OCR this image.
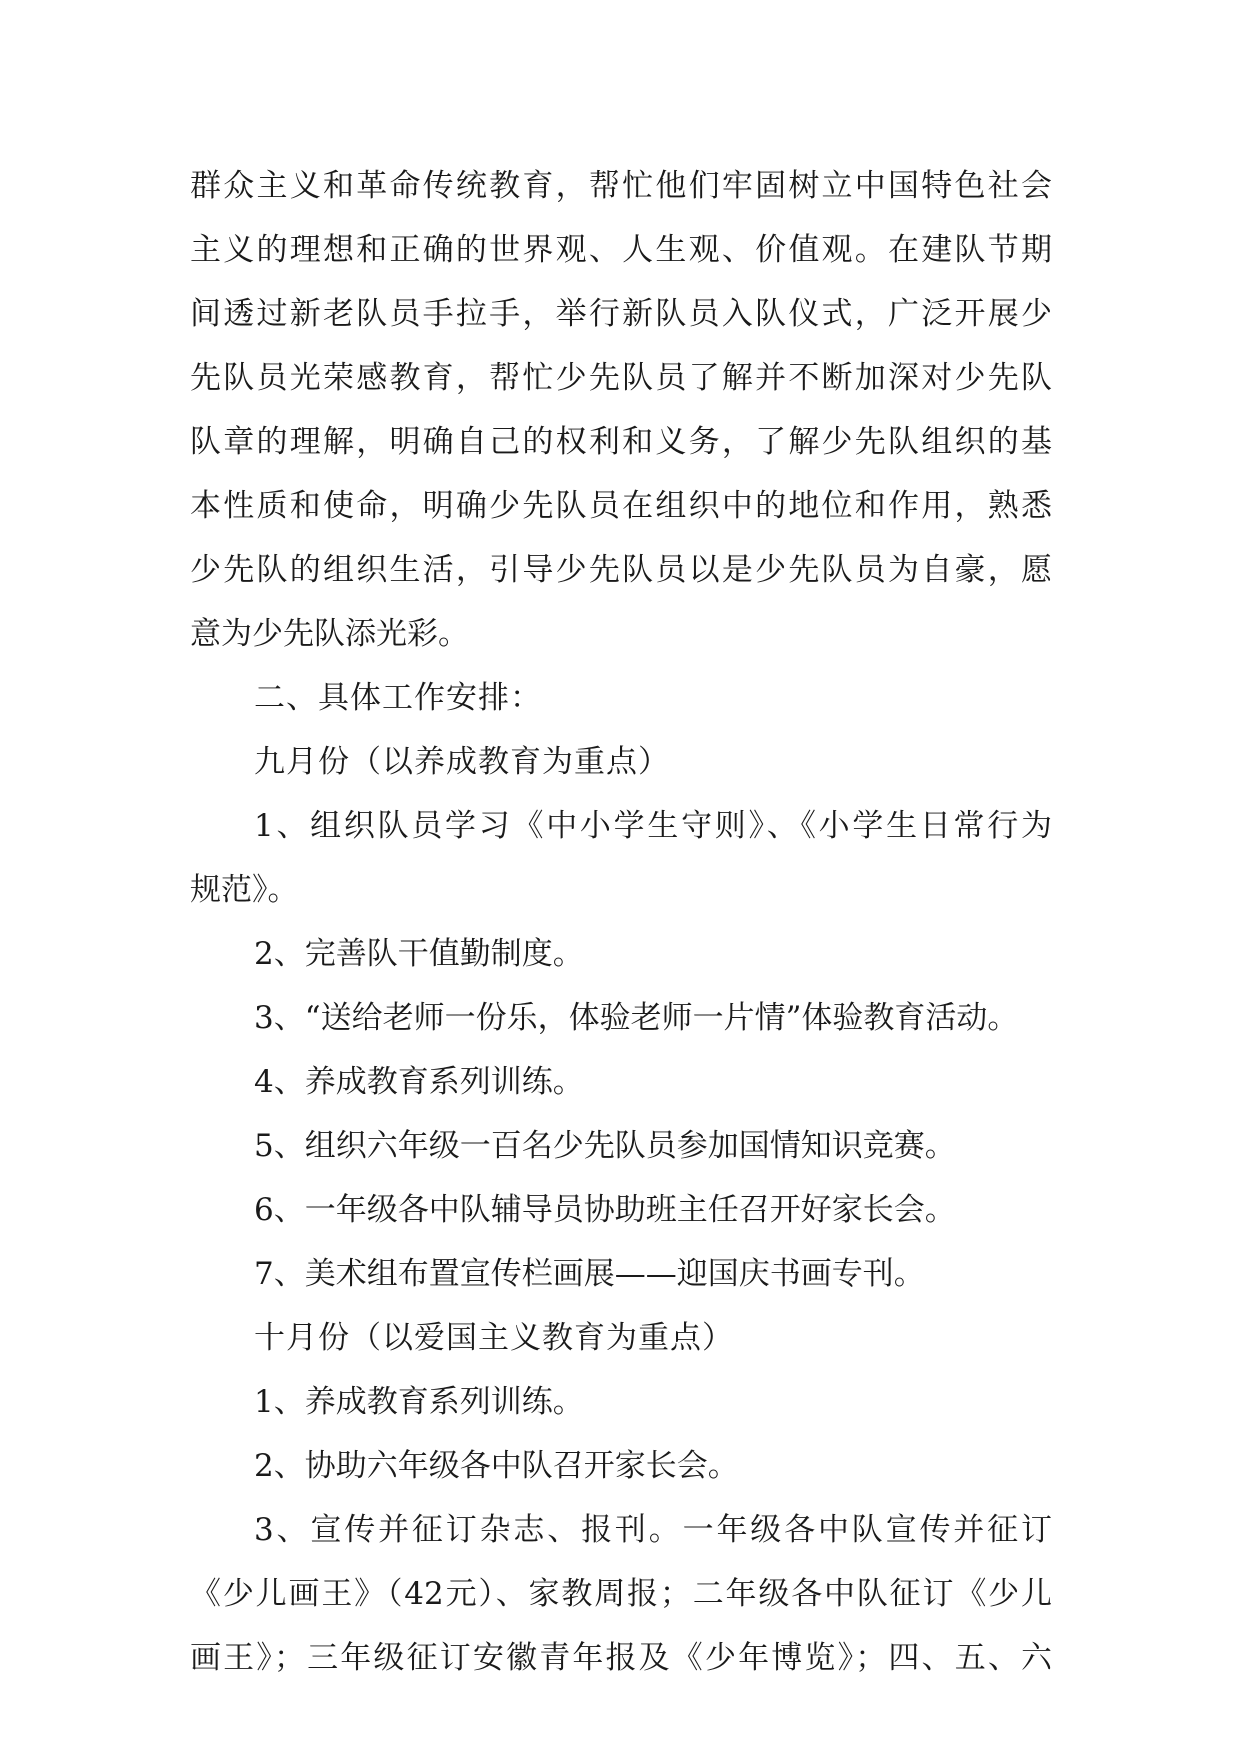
群众主义和革命传统教育，帮忙他们牢固树立中国特色社会
主义的理想和正确的世界观、人生观、价值观。在建队节期
间透过新老队员手拉手，举行新队员入队仪式，广泛开展少
先队员光荣感教育，帮忙少先队员了解并不断加深对少先队
队章的理解，明确自己的权利和义务，了解少先队组织的基
本性质和使命，明确少先队员在组织中的地位和作用，熟悉
少先队的组织生活，引导少先队员以是少先队员为自豪，愿
意为少先队添光彩。
二、具体工作安排：
九月份（以养成教育为重点）
1、组织队员学习《中小学生守则》、《小学生日常行为
规范》。
2、完善队干值勤制度。
3、“送给老师一份乐，体验老师一片情”体验教育活动。
4、养成教育系列训练。
5、组织六年级一百名少先队员参加国情知识竞赛。
6、一年级各中队辅导员协助班主任召开好家长会。
7、美术组布置宣传栏画展——迎国庆书画专刊。
十月份（以爱国主义教育为重点）
1、养成教育系列训练。
2、协助六年级各中队召开家长会。
3、宣传并征订杂志、报刊。一年级各中队宣传并征订
《少儿画王》（42元）、家教周报；二年级各中队征订《少儿
画王》；三年级征订安徽青年报及《少年博览》；四、五、六
